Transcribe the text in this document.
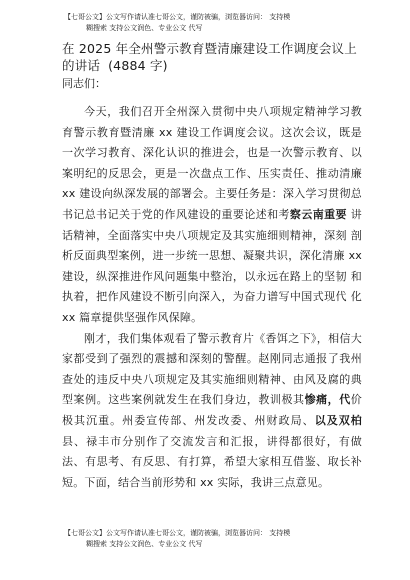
【七哥公文】公文写作请认准七哥公文，谨防被骗，浏览器访问： 支持模
糊搜索 支持公文润色、专业公文 代写
在 2025 年全州警示教育暨清廉建设工作调度会议上的讲话 (4884 字)

同志们：

今天，我们召开全州深入贯彻中央八项规定精神学习教育警示教育暨清廉 xx 建设工作调度会议。这次会议，既是一次学习教育、深化认识的推进会，也是一次警示教育、以 案明纪的反思会，更是一次盘点工作、压实责任、推动清廉 xx 建设向纵深发展的部署会。主要任务是：深入学习贯彻总 书记总书记关于党的作风建设的重要论述和考察云南重要 讲话精神，全面落实中央八项规定及其实施细则精神，深刻 剖析反面典型案例，进一步统一思想、凝聚共识，深化清廉 xx 建设，纵深推进作风问题集中整治，以永远在路上的坚韧 和执着，把作风建设不断引向深入，为奋力谱写中国式现代 化 xx 篇章提供坚强作风保障。

刚才，我们集体观看了警示教育片《香饵之下》，相信大家都受到了强烈的震撼和深刻的警醒。赵刚同志通报了我州查处的违反中央八项规定及其实施细则精神、由风及腐的典型案例。这些案例就发生在我们身边，教训极其惨痛，代价极其沉重。州委宣传部、州发改委、州财政局、以及双柏县、禄丰市分别作了交流发言和汇报，讲得都很好，有做法、有思考、有反思、有打算，希望大家相互借鉴、取长补短。下面，结合当前形势和 xx 实际，我讲三点意见。

【七哥公文】公文写作请认准七哥公文，谨防被骗，浏览器访问： 支持模
糊搜索 支持公文润色、专业公文 代写
